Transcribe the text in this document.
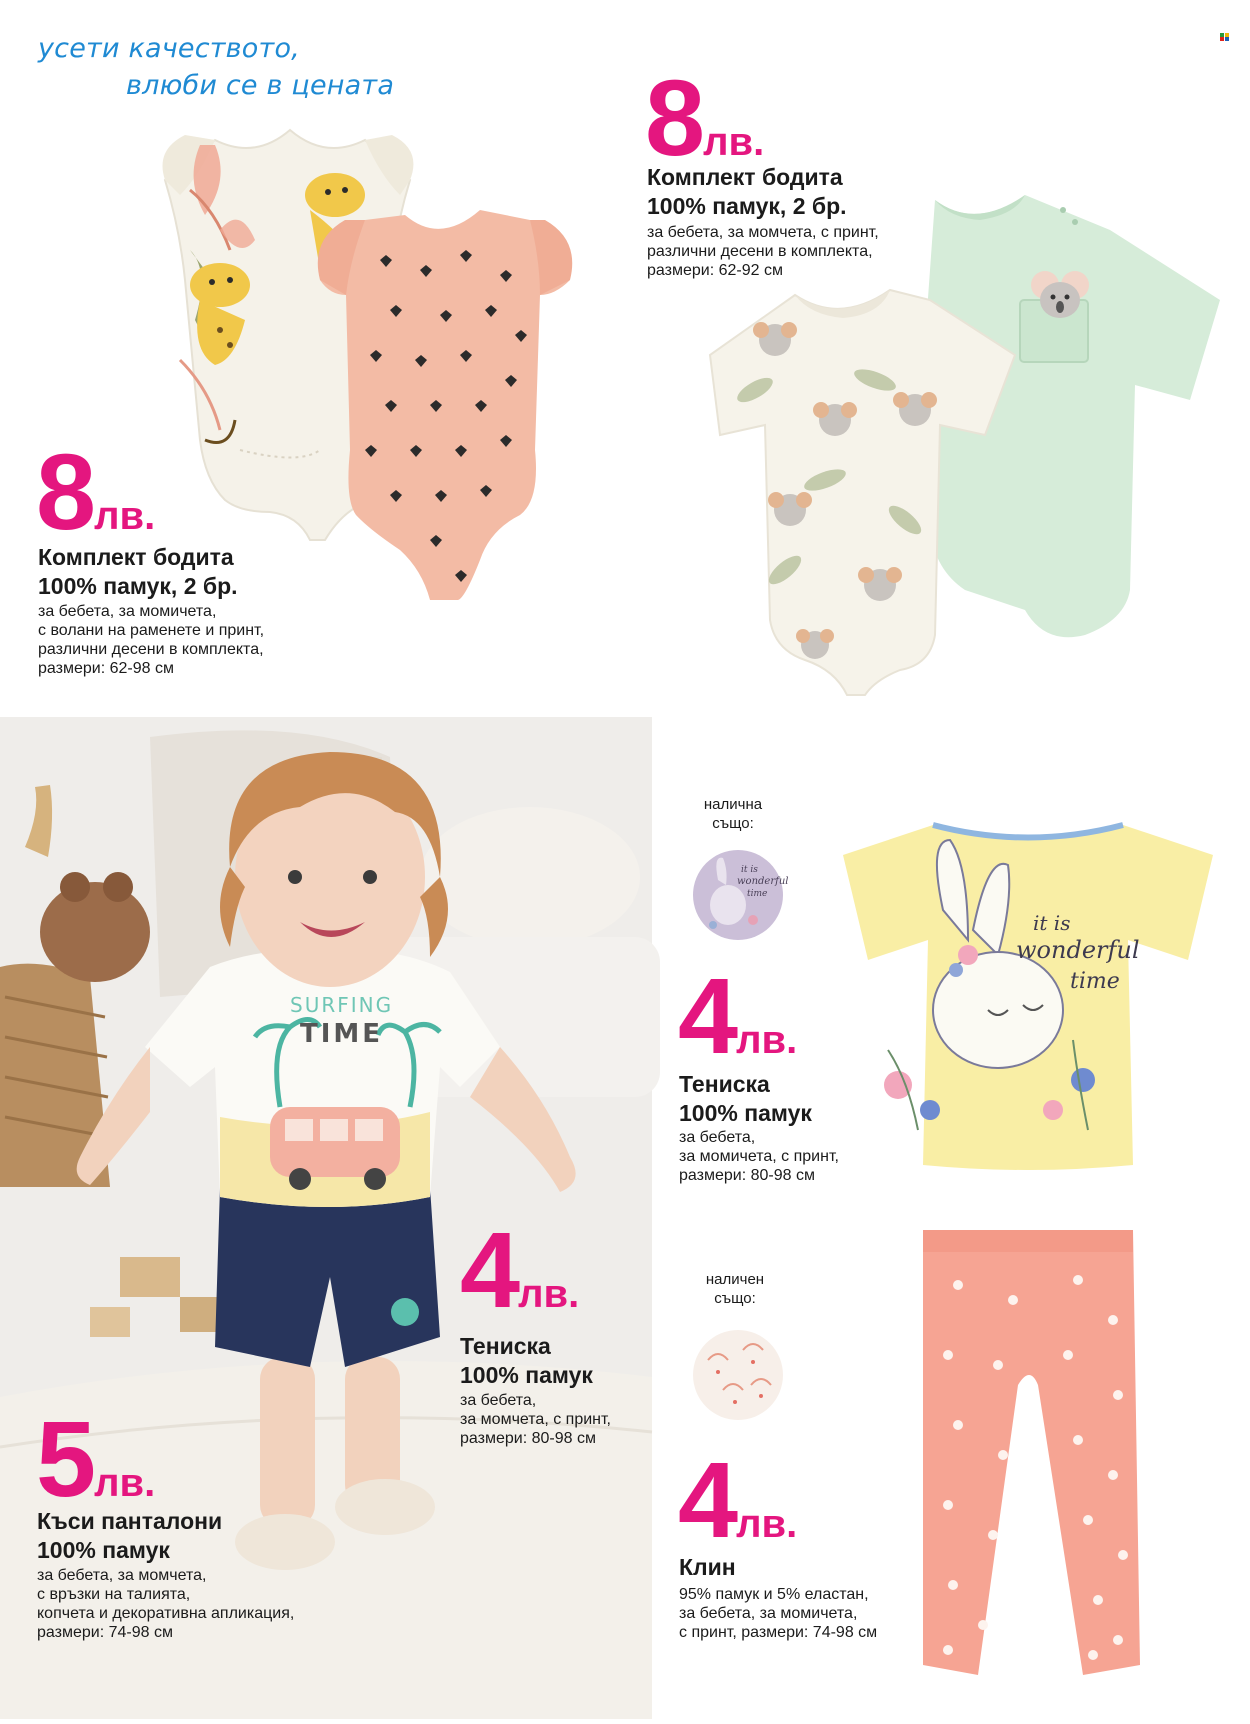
усети качеството,
влюби се в цената
8лв.
Комплект бодита
100% памук, 2 бр.
за бебета, за момичета,
с волани на раменете и принт,
различни десени в комплекта,
размери: 62-98 см
8лв.
Комплект бодита
100% памук, 2 бр.
за бебета, за момчета, с принт,
различни десени в комплекта,
размери: 62-92 см
SURFING
TIME
4лв.
Тениска
100% памук
за бебета,
за момчета, с принт,
размери: 80-98 см
5лв.
Къси панталони
100% памук
за бебета, за момчета,
с връзки на талията,
копчета и декоративна апликация,
размери: 74-98 см
налична
също:
it is
wonderful
time
it is
wonderful
time
4лв.
Тениска
100% памук
за бебета,
за момичета, с принт,
размери: 80-98 см
наличен
също:
4лв.
Клин
95% памук и 5% еластан,
за бебета, за момичета,
с принт, размери: 74-98 см
